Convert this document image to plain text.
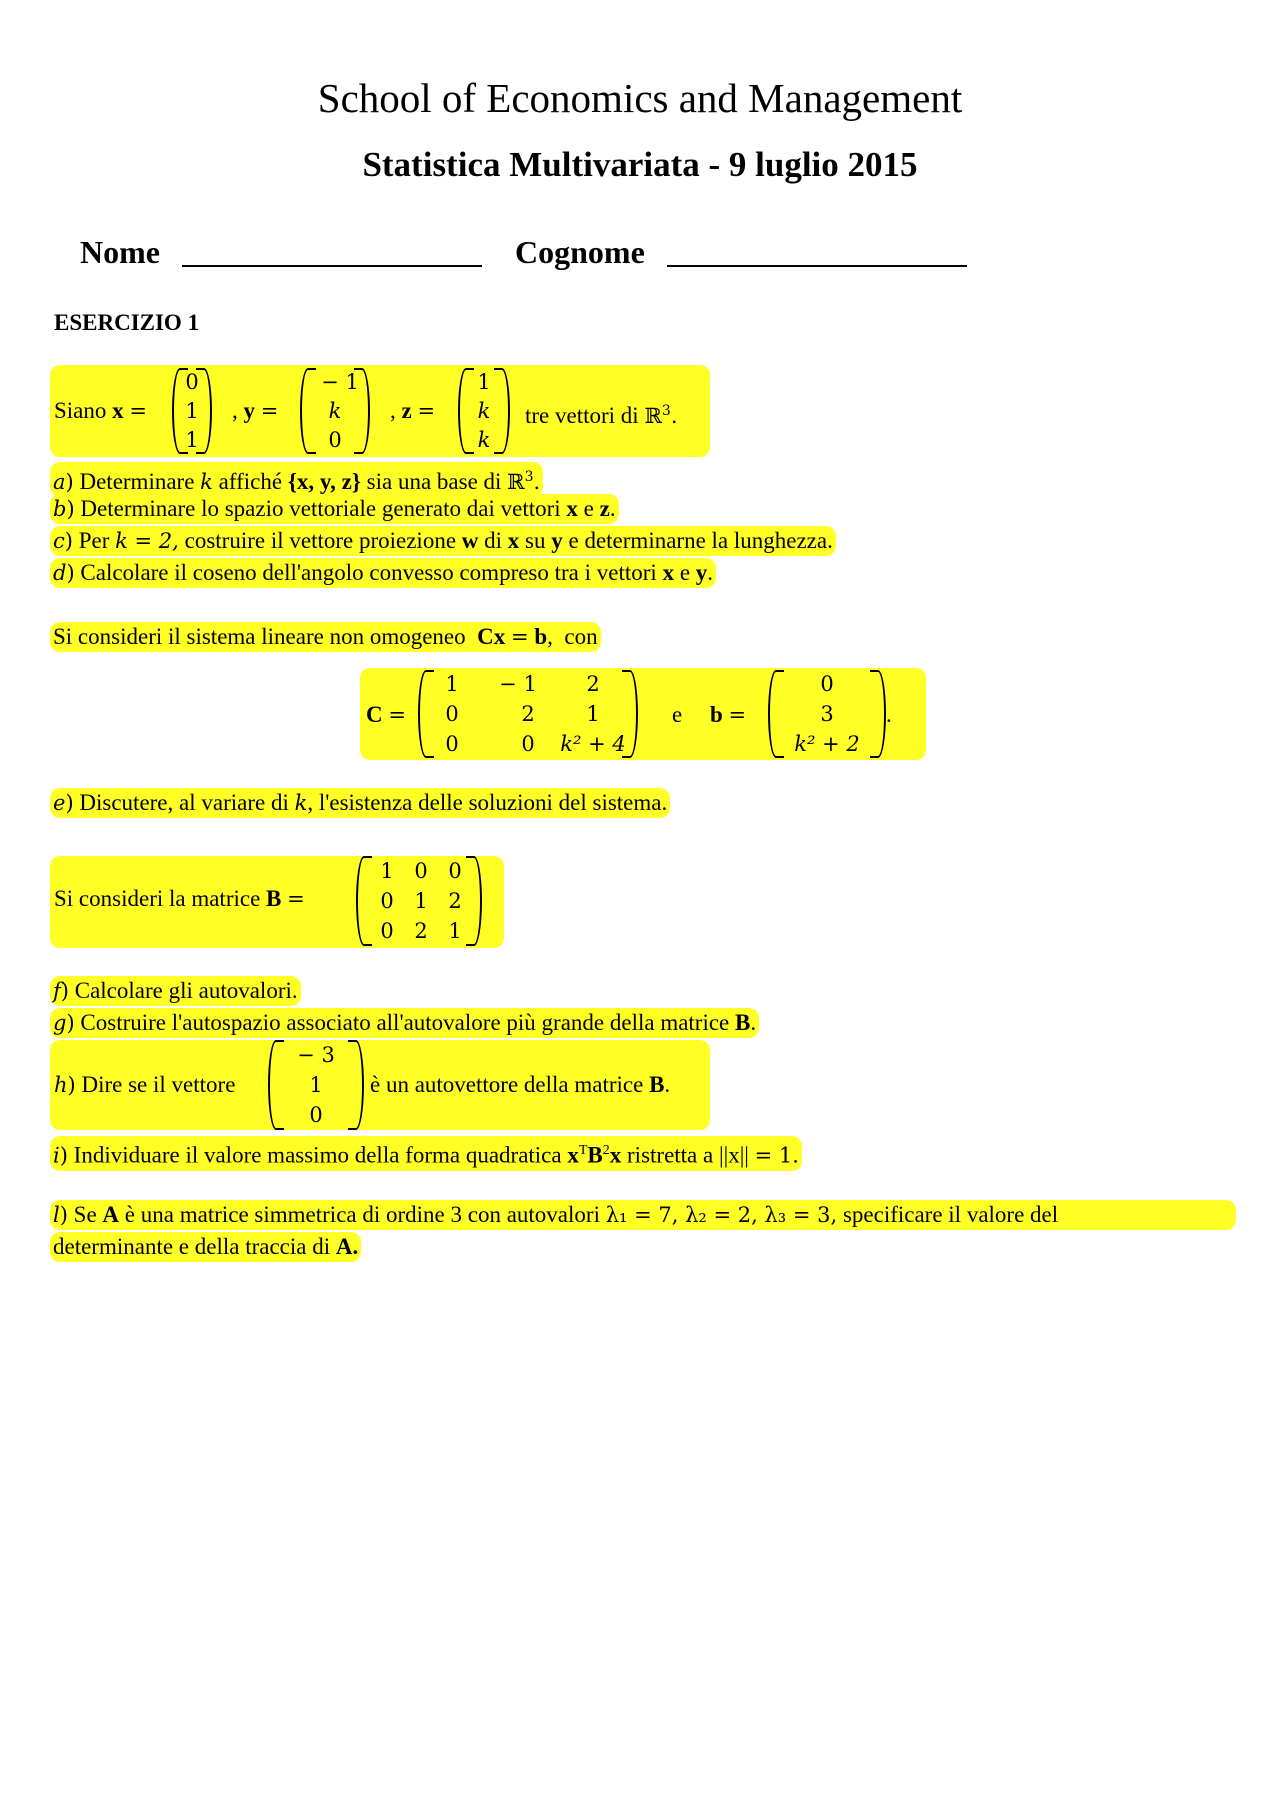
School of Economics and Management
Statistica Multivariata - 9 luglio 2015
Nome	Cognome
ESERCIZIO 1
Siano x =
0
1
1
, y =
− 1
k
0
, z =
1
k
k
tre vettori di ℝ$^3$.
a) Determinare k affiché {x, y, z} sia una base di ℝ$^3$.
b) Determinare lo spazio vettoriale generato dai vettori x e z.
c) Per k = 2, costruire il vettore proiezione w di x su y e determinarne la lunghezza.
d) Calcolare il coseno dell'angolo convesso compreso tra i vettori x e y.
Si consideri il sistema lineare non omogeneo Cx = b,  con
C =
1	− 1	2
0	2	1
0	0	k² + 4
e b =
0
3
k² + 2
.
e) Discutere, al variare di k, l'esistenza delle soluzioni del sistema.
Si consideri la matrice B =
1 0 0
0 1 2
0 2 1
f) Calcolare gli autovalori.
g) Costruire l'autospazio associato all'autovalore più grande della matrice B.
h) Dire se il vettore
− 3
1
0
è un autovettore della matrice B.
i) Individuare il valore massimo della forma quadratica $x^TB^2x$ ristretta a ||x|| = 1.
l) Se A è una matrice simmetrica di ordine 3 con autovalori λ₁ = 7, λ₂ = 2, λ₃ = 3, specificare il valore del
determinante e della traccia di A.
